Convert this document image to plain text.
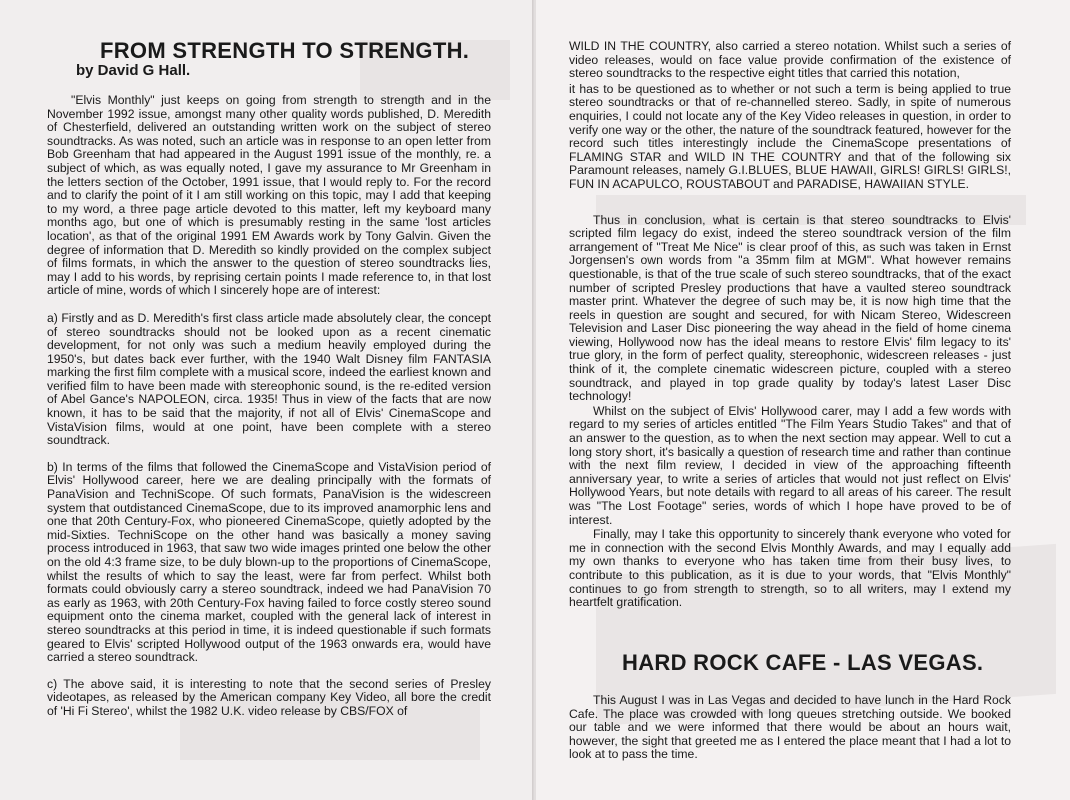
FROM STRENGTH TO STRENGTH.
by David G Hall.

"Elvis Monthly" just keeps on going from strength to strength and in the November 1992 issue, amongst many other quality words published, D. Meredith of Chesterfield, delivered an outstanding written work on the subject of stereo soundtracks. As was noted, such an article was in response to an open letter from Bob Greenham that had appeared in the August 1991 issue of the monthly, re. a subject of which, as was equally noted, I gave my assurance to Mr Greenham in the letters section of the October, 1991 issue, that I would reply to. For the record and to clarify the point of it I am still working on this topic, may I add that keeping to my word, a three page article devoted to this matter, left my keyboard many months ago, but one of which is presumably resting in the same 'lost articles location', as that of the original 1991 EM Awards work by Tony Galvin. Given the degree of information that D. Meredith so kindly provided on the complex subject of films formats, in which the answer to the question of stereo soundtracks lies, may I add to his words, by reprising certain points I made reference to, in that lost article of mine, words of which I sincerely hope are of interest:

a) Firstly and as D. Meredith's first class article made absolutely clear, the concept of stereo soundtracks should not be looked upon as a recent cinematic development, for not only was such a medium heavily employed during the 1950's, but dates back ever further, with the 1940 Walt Disney film FANTASIA marking the first film complete with a musical score, indeed the earliest known and verified film to have been made with stereophonic sound, is the re-edited version of Abel Gance's NAPOLEON, circa. 1935! Thus in view of the facts that are now known, it has to be said that the majority, if not all of Elvis' CinemaScope and VistaVision films, would at one point, have been complete with a stereo soundtrack.

b) In terms of the films that followed the CinemaScope and VistaVision period of Elvis' Hollywood career, here we are dealing principally with the formats of PanaVision and TechniScope. Of such formats, PanaVision is the widescreen system that outdistanced CinemaScope, due to its improved anamorphic lens and one that 20th Century-Fox, who pioneered CinemaScope, quietly adopted by the mid-Sixties. TechniScope on the other hand was basically a money saving process introduced in 1963, that saw two wide images printed one below the other on the old 4:3 frame size, to be duly blown-up to the proportions of CinemaScope, whilst the results of which to say the least, were far from perfect. Whilst both formats could obviously carry a stereo soundtrack, indeed we had PanaVision 70 as early as 1963, with 20th Century-Fox having failed to force costly stereo sound equipment onto the cinema market, coupled with the general lack of interest in stereo soundtracks at this period in time, it is indeed questionable if such formats geared to Elvis' scripted Hollywood output of the 1963 onwards era, would have carried a stereo soundtrack.

c) The above said, it is interesting to note that the second series of Presley videotapes, as released by the American company Key Video, all bore the credit of 'Hi Fi Stereo', whilst the 1982 U.K. video release by CBS/FOX of

WILD IN THE COUNTRY, also carried a stereo notation. Whilst such a series of video releases, would on face value provide confirmation of the existence of stereo soundtracks to the respective eight titles that carried this notation,

it has to be questioned as to whether or not such a term is being applied to true stereo soundtracks or that of re-channelled stereo. Sadly, in spite of numerous enquiries, I could not locate any of the Key Video releases in question, in order to verify one way or the other, the nature of the soundtrack featured, however for the record such titles interestingly include the CinemaScope presentations of FLAMING STAR and WILD IN THE COUNTRY and that of the following six Paramount releases, namely G.I.BLUES, BLUE HAWAII, GIRLS! GIRLS! GIRLS!, FUN IN ACAPULCO, ROUSTABOUT and PARADISE, HAWAIIAN STYLE.

Thus in conclusion, what is certain is that stereo soundtracks to Elvis' scripted film legacy do exist, indeed the stereo soundtrack version of the film arrangement of "Treat Me Nice" is clear proof of this, as such was taken in Ernst Jorgensen's own words from "a 35mm film at MGM". What however remains questionable, is that of the true scale of such stereo soundtracks, that of the exact number of scripted Presley productions that have a vaulted stereo soundtrack master print. Whatever the degree of such may be, it is now high time that the reels in question are sought and secured, for with Nicam Stereo, Widescreen Television and Laser Disc pioneering the way ahead in the field of home cinema viewing, Hollywood now has the ideal means to restore Elvis' film legacy to its' true glory, in the form of perfect quality, stereophonic, widescreen releases - just think of it, the complete cinematic widescreen picture, coupled with a stereo soundtrack, and played in top grade quality by today's latest Laser Disc technology!

Whilst on the subject of Elvis' Hollywood carer, may I add a few words with regard to my series of articles entitled "The Film Years Studio Takes" and that of an answer to the question, as to when the next section may appear. Well to cut a long story short, it's basically a question of research time and rather than continue with the next film review, I decided in view of the approaching fifteenth anniversary year, to write a series of articles that would not just reflect on Elvis' Hollywood Years, but note details with regard to all areas of his career. The result was "The Lost Footage" series, words of which I hope have proved to be of interest.

Finally, may I take this opportunity to sincerely thank everyone who voted for me in connection with the second Elvis Monthly Awards, and may I equally add my own thanks to everyone who has taken time from their busy lives, to contribute to this publication, as it is due to your words, that "Elvis Monthly" continues to go from strength to strength, so to all writers, may I extend my heartfelt gratification.

HARD ROCK CAFE - LAS VEGAS.

This August I was in Las Vegas and decided to have lunch in the Hard Rock Cafe. The place was crowded with long queues stretching outside. We booked our table and we were informed that there would be about an hours wait, however, the sight that greeted me as I entered the place meant that I had a lot to look at to pass the time.
